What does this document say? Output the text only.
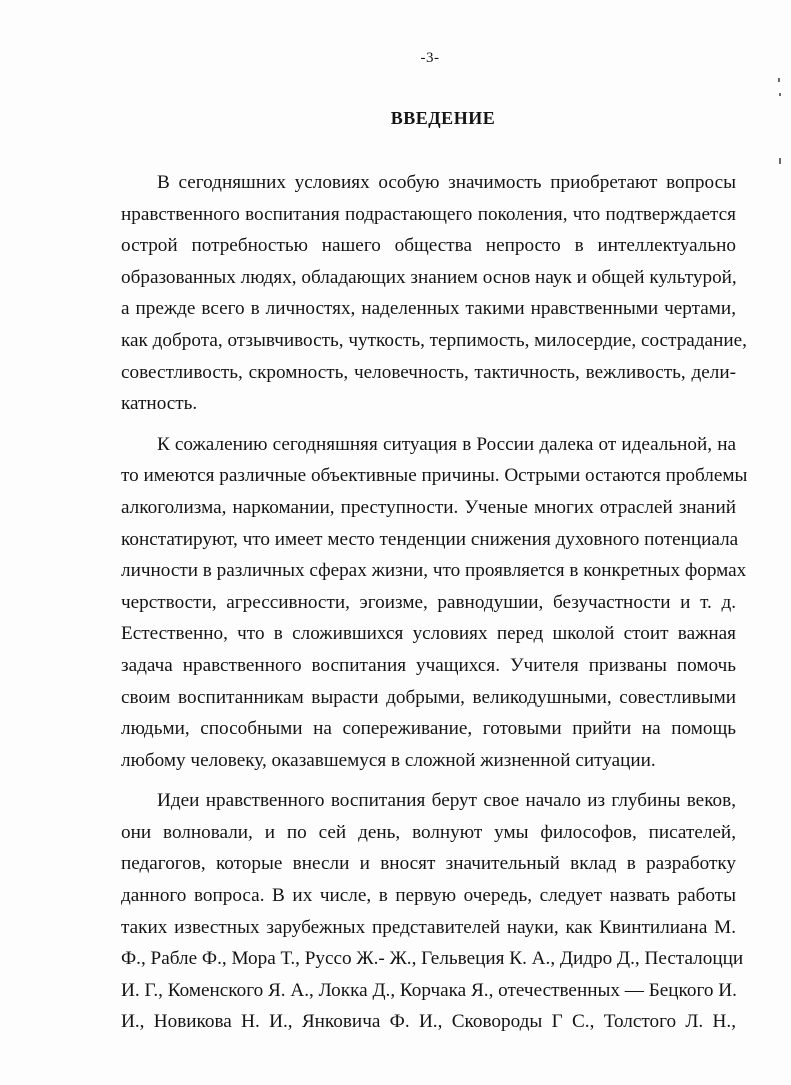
-3-
ВВЕДЕНИЕ

В сегодняшних условиях особую значимость приобретают вопросы
нравственного воспитания подрастающего поколения, что подтверждается
острой потребностью нашего общества непросто в интеллектуально
образованных людях, обладающих знанием основ наук и общей культурой,
а прежде всего в личностях, наделенных такими нравственными чертами,
как доброта, отзывчивость, чуткость, терпимость, милосердие, сострадание,
совестливость, скромность, человечность, тактичность, вежливость, дели-
катность.

К сожалению сегодняшняя ситуация в России далека от идеальной, на
то имеются различные объективные причины. Острыми остаются проблемы
алкоголизма, наркомании, преступности. Ученые многих отраслей знаний
констатируют, что имеет место тенденции снижения духовного потенциала
личности в различных сферах жизни, что проявляется в конкретных формах
черствости, агрессивности, эгоизме, равнодушии, безучастности и т. д.
Естественно, что в сложившихся условиях перед школой стоит важная
задача нравственного воспитания учащихся. Учителя призваны помочь
своим воспитанникам вырасти добрыми, великодушными, совестливыми
людьми, способными на сопереживание, готовыми прийти на помощь
любому человеку, оказавшемуся в сложной жизненной ситуации.

Идеи нравственного воспитания берут свое начало из глубины веков,
они волновали, и по сей день, волнуют умы философов, писателей,
педагогов, которые внесли и вносят значительный вклад в разработку
данного вопроса. В их числе, в первую очередь, следует назвать работы
таких известных зарубежных представителей науки, как Квинтилиана М.
Ф., Рабле Ф., Мора Т., Руссо Ж.- Ж., Гельвеция К. А., Дидро Д., Песталоцци
И. Г., Коменского Я. А., Локка Д., Корчака Я., отечественных — Бецкого И.
И., Новикова Н. И., Янковича Ф. И., Сковороды Г С., Толстого Л. Н.,
